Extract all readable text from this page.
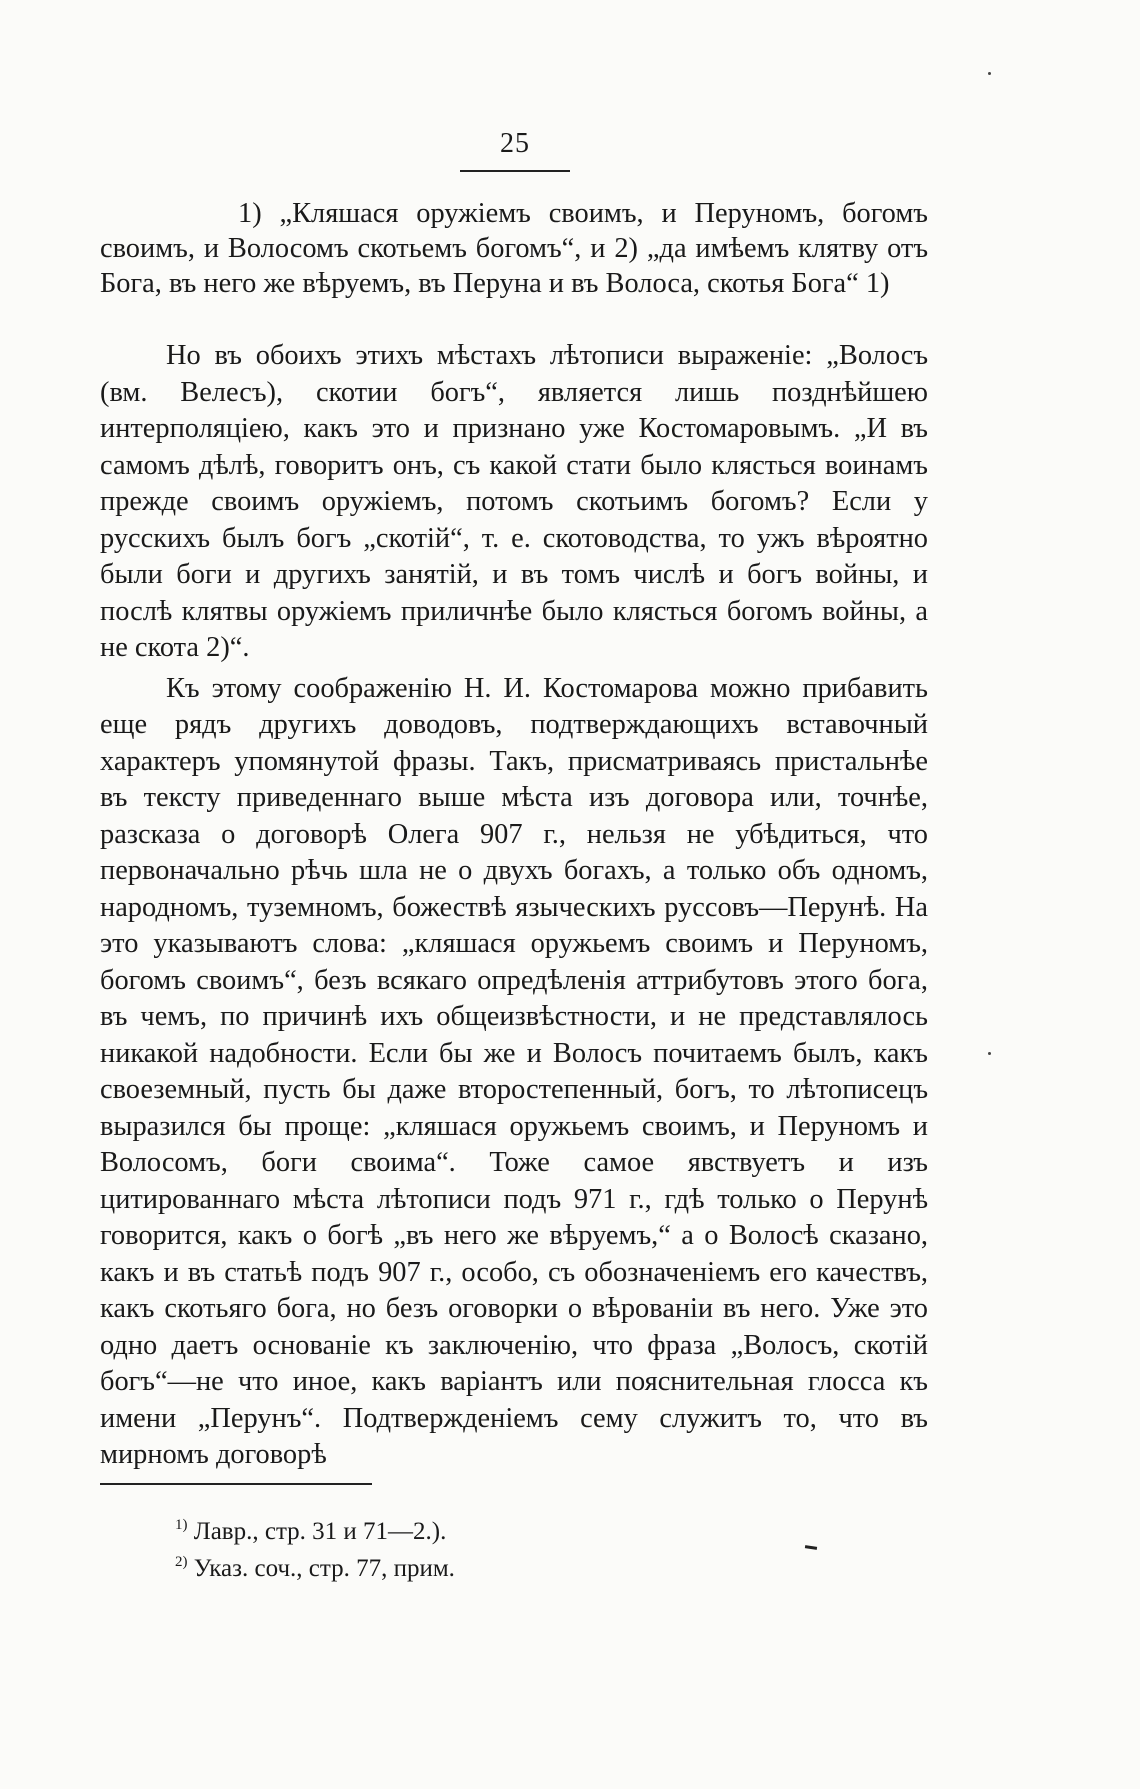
25

1) „Кляшася оружіемъ своимъ, и Перуномъ, богомъ своимъ, и Волосомъ скотьемъ богомъ“, и 2) „да имѣемъ клятву отъ Бога, въ него же вѣруемъ, въ Перуна и въ Волоса, скотья Бога“ 1)

Но въ обоихъ этихъ мѣстахъ лѣтописи выраженіе: „Волосъ (вм. Велесъ), скотии богъ“, является лишь позднѣйшею интерполяціею, какъ это и признано уже Костомаровымъ. „И въ самомъ дѣлѣ, говоритъ онъ, съ какой стати было клясться воинамъ прежде своимъ оружіемъ, потомъ скотьимъ богомъ? Если у русскихъ былъ богъ „скотій“, т. е. скотоводства, то ужъ вѣроятно были боги и другихъ занятій, и въ томъ числѣ и богъ войны, и послѣ клятвы оружіемъ приличнѣе было клясться богомъ войны, а не скота 2)“.

Къ этому соображенію Н. И. Костомарова можно прибавить еще рядъ другихъ доводовъ, подтверждающихъ вставочный характеръ упомянутой фразы. Такъ, присматриваясь пристальнѣе въ тексту приведеннаго выше мѣста изъ договора или, точнѣе, разсказа о договорѣ Олега 907 г., нельзя не убѣдиться, что первоначально рѣчь шла не о двухъ богахъ, а только объ одномъ, народномъ, туземномъ, божествѣ языческихъ руссовъ—Перунѣ. На это указываютъ слова: „кляшася оружьемъ своимъ и Перуномъ, богомъ своимъ“, безъ всякаго опредѣленія аттрибутовъ этого бога, въ чемъ, по причинѣ ихъ общеизвѣстности, и не представлялось никакой надобности. Если бы же и Волосъ почитаемъ былъ, какъ своеземный, пусть бы даже второстепенный, богъ, то лѣтописецъ выразился бы проще: „кляшася оружьемъ своимъ, и Перуномъ и Волосомъ, боги своима“. Тоже самое явствуетъ и изъ цитированнаго мѣста лѣтописи подъ 971 г., гдѣ только о Перунѣ говорится, какъ о богѣ „въ него же вѣруемъ,“ а о Волосѣ сказано, какъ и въ статьѣ подъ 907 г., особо, съ обозначеніемъ его качествъ, какъ скотьяго бога, но безъ оговорки о вѣрованіи въ него. Уже это одно даетъ основаніе къ заключенію, что фраза „Волосъ, скотій богъ“—не что иное, какъ варіантъ или пояснительная глосса къ имени „Перунъ“. Подтвержденіемъ сему служитъ то, что въ мирномъ договорѣ

$^{1)}$ Лавр., стр. 31 и 71—2.).
$^{2)}$ Указ. соч., стр. 77, прим.
